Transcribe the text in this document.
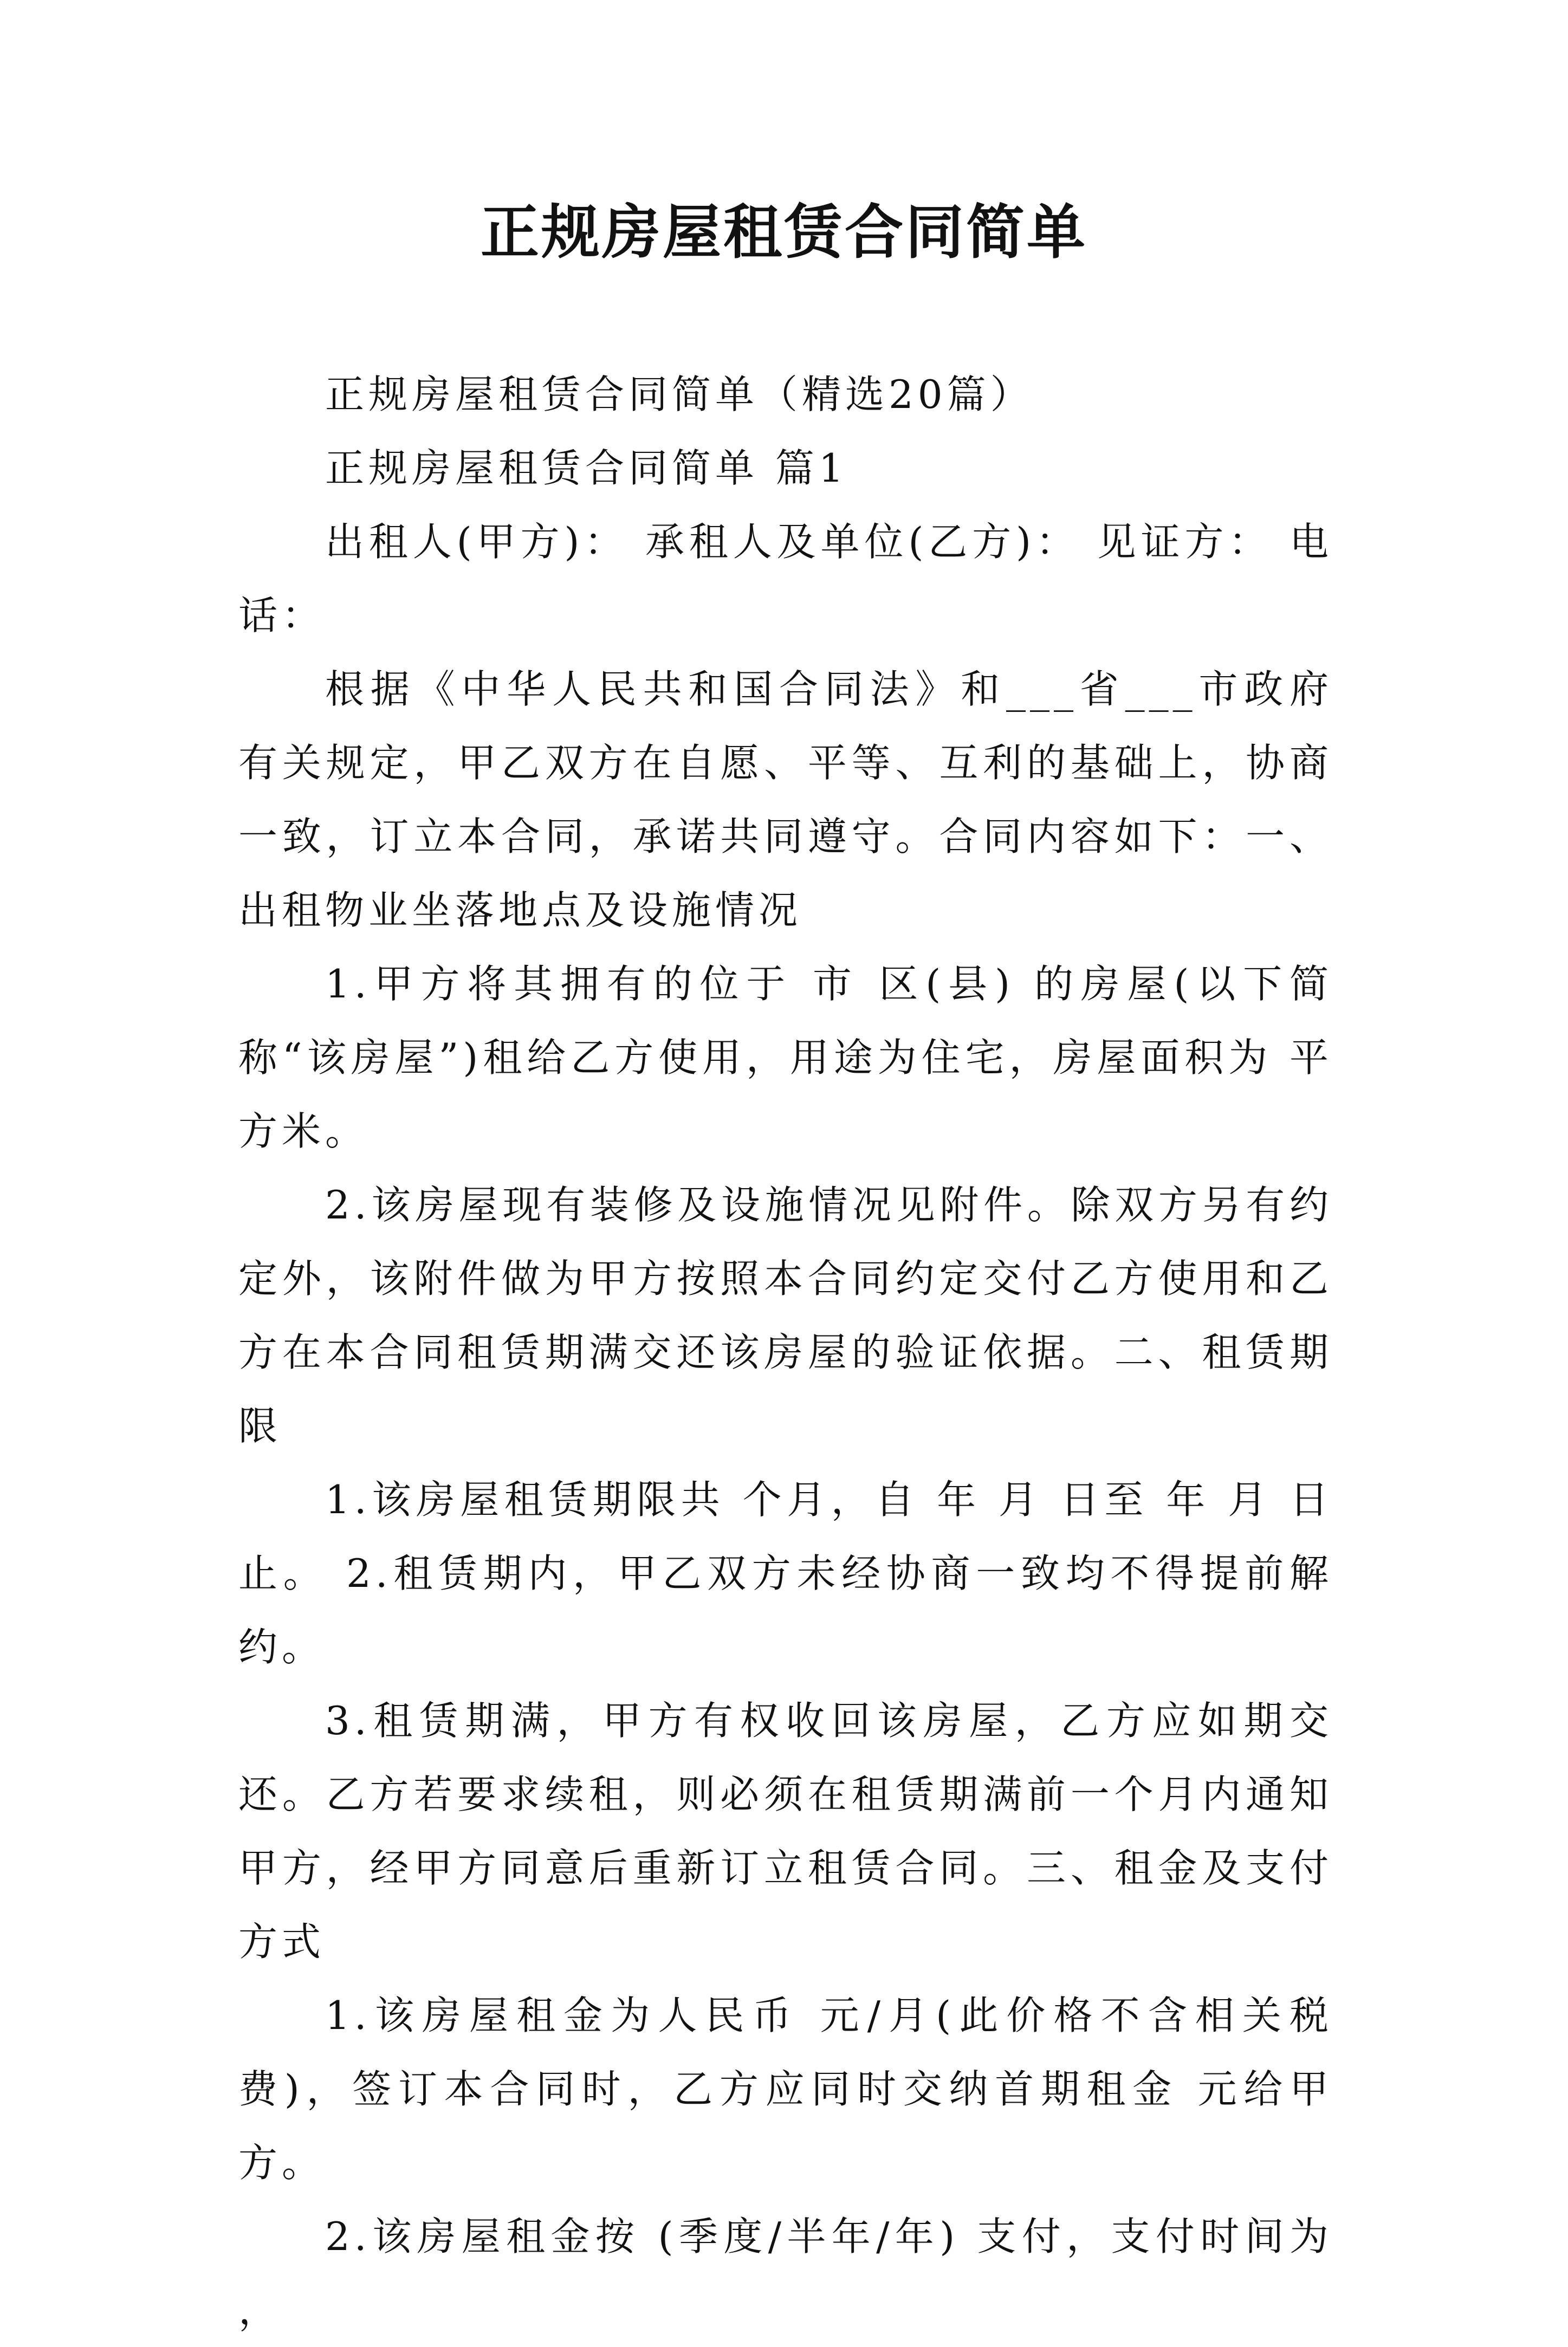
正规房屋租赁合同简单

正规房屋租赁合同简单（精选20篇）

正规房屋租赁合同简单 篇1

出租人(甲方)： 承租人及单位(乙方)： 见证方： 电话：

根据《中华人民共和国合同法》和___省___市政府有关规定，甲乙双方在自愿、平等、互利的基础上，协商一致，订立本合同，承诺共同遵守。合同内容如下：一、出租物业坐落地点及设施情况

1.甲方将其拥有的位于 市 区(县) 的房屋(以下简称“该房屋”)租给乙方使用，用途为住宅，房屋面积为 平方米。

2.该房屋现有装修及设施情况见附件。除双方另有约定外，该附件做为甲方按照本合同约定交付乙方使用和乙方在本合同租赁期满交还该房屋的验证依据。二、租赁期限

1.该房屋租赁期限共 个月，自 年 月 日至 年 月 日止。 2.租赁期内，甲乙双方未经协商一致均不得提前解约。

3.租赁期满，甲方有权收回该房屋，乙方应如期交还。乙方若要求续租，则必须在租赁期满前一个月内通知甲方，经甲方同意后重新订立租赁合同。三、租金及支付方式

1.该房屋租金为人民币 元/月(此价格不含相关税费)，签订本合同时，乙方应同时交纳首期租金 元给甲方。

2.该房屋租金按 (季度/半年/年) 支付，支付时间为 ，
